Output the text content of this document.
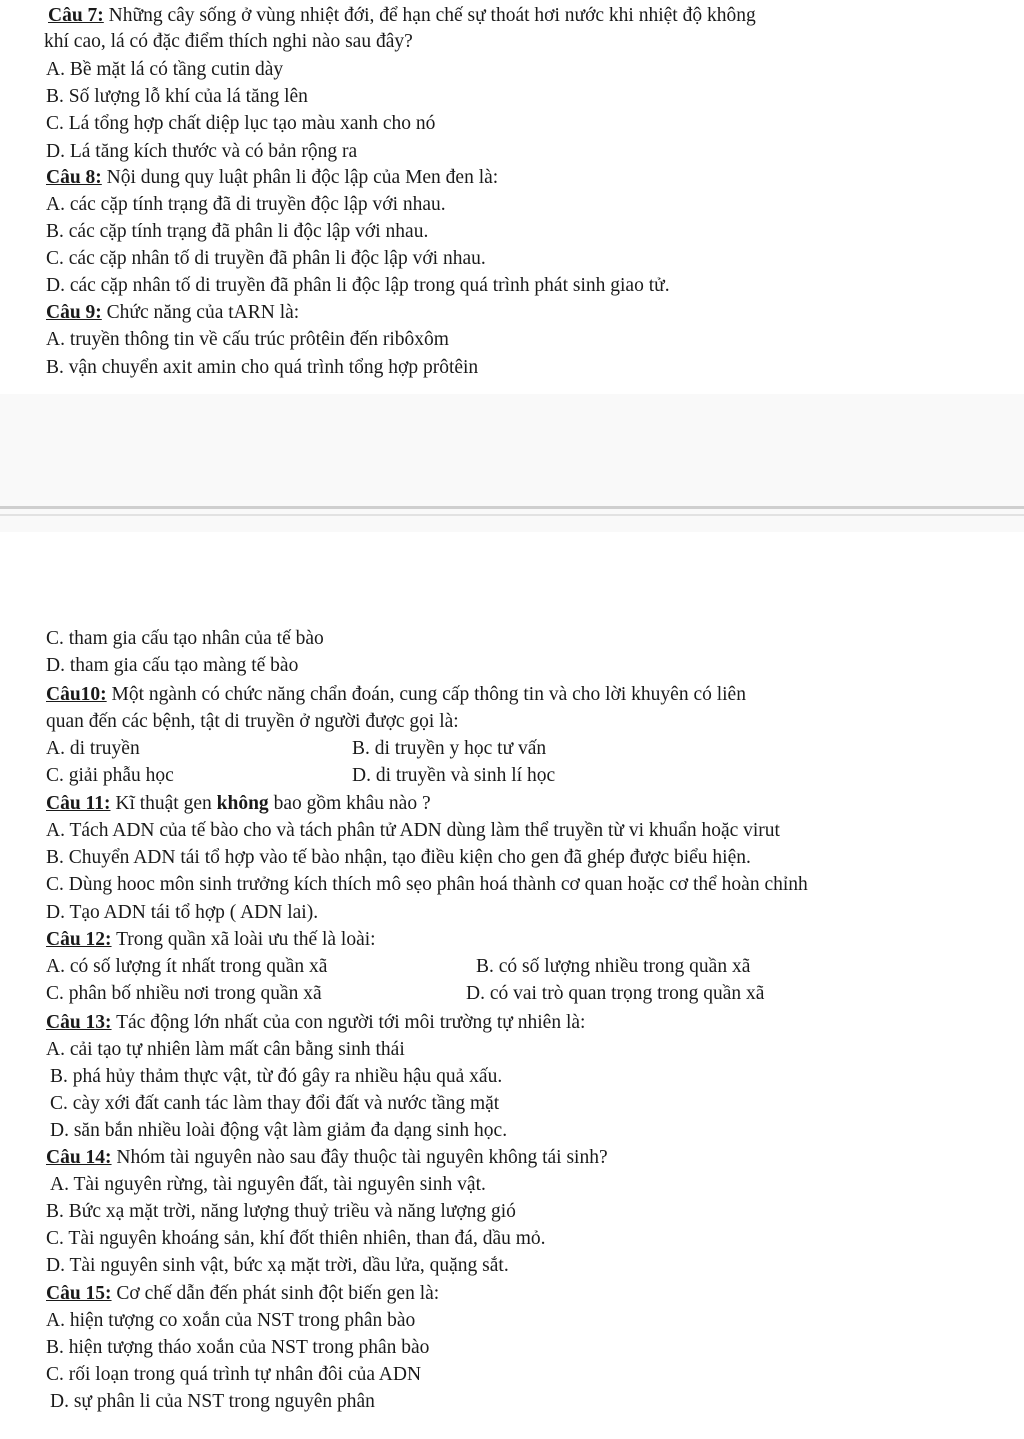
Câu 7: Những cây sống ở vùng nhiệt đới, để hạn chế sự thoát hơi nước khi nhiệt độ không
khí cao, lá có đặc điểm thích nghi nào sau đây?
A. Bề mặt lá có tầng cutin dày
B. Số lượng lỗ khí của lá tăng lên
C. Lá tổng hợp chất diệp lục tạo màu xanh cho nó
D. Lá tăng kích thước và có bản rộng ra
Câu 8: Nội dung quy luật phân li độc lập của Men đen là:
A. các cặp tính trạng đã di truyền độc lập với nhau.
B. các cặp tính trạng đã phân li độc lập với nhau.
C. các cặp nhân tố di truyền đã phân li độc lập với nhau.
D. các cặp nhân tố di truyền đã phân li độc lập trong quá trình phát sinh giao tử.
Câu 9: Chức năng của tARN là:
A. truyền thông tin về cấu trúc prôtêin đến ribôxôm
B. vận chuyển axit amin cho quá trình tổng hợp prôtêin
C. tham gia cấu tạo nhân của tế bào
D. tham gia cấu tạo màng tế bào
Câu10: Một ngành có chức năng chẩn đoán, cung cấp thông tin và cho lời khuyên có liên
quan đến các bệnh, tật di truyền ở người được gọi là:
A. di truyền	B. di truyền y học tư vấn
C. giải phẫu học	D. di truyền và sinh lí học
Câu 11: Kĩ thuật gen không bao gồm khâu nào ?
A. Tách ADN của tế bào cho và tách phân tử ADN dùng làm thể truyền từ vi khuẩn hoặc virut
B. Chuyển ADN tái tổ hợp vào tế bào nhận, tạo điều kiện cho gen đã ghép được biểu hiện.
C. Dùng hooc môn sinh trưởng kích thích mô sẹo phân hoá thành cơ quan hoặc cơ thể hoàn chỉnh
D. Tạo ADN tái tổ hợp ( ADN lai).
Câu 12: Trong quần xã loài ưu thế là loài:
A. có số lượng ít nhất trong quần xã	B. có số lượng nhiều trong quần xã
C. phân bố nhiều nơi trong quần xã	D. có vai trò quan trọng trong quần xã
Câu 13: Tác động lớn nhất của con người tới môi trường tự nhiên là:
A. cải tạo tự nhiên làm mất cân bằng sinh thái
B. phá hủy thảm thực vật, từ đó gây ra nhiều hậu quả xấu.
C. cày xới đất canh tác làm thay đổi đất và nước tầng mặt
D. săn bắn nhiều loài động vật làm giảm đa dạng sinh học.
Câu 14: Nhóm tài nguyên nào sau đây thuộc tài nguyên không tái sinh?
A. Tài nguyên rừng, tài nguyên đất, tài nguyên sinh vật.
B. Bức xạ mặt trời, năng lượng thuỷ triều và năng lượng gió
C. Tài nguyên khoáng sản, khí đốt thiên nhiên, than đá, dầu mỏ.
D. Tài nguyên sinh vật, bức xạ mặt trời, dầu lửa, quặng sắt.
Câu 15: Cơ chế dẫn đến phát sinh đột biến gen là:
A. hiện tượng co xoắn của NST trong phân bào
B. hiện tượng tháo xoắn của NST trong phân bào
C. rối loạn trong quá trình tự nhân đôi của ADN
D. sự phân li của NST trong nguyên phân
